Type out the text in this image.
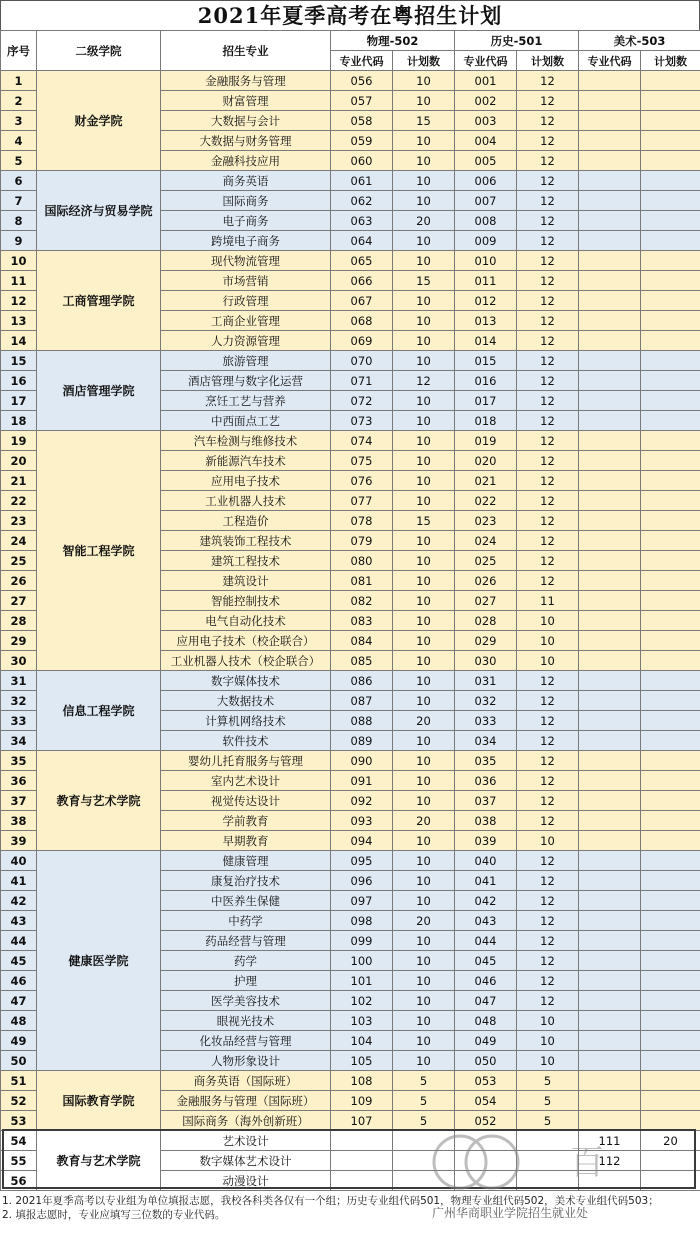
2021年夏季高考在粤招生计划
序号	二级学院	招生专业	物理-502		历史-501		美术-503	
			专业代码	计划数	专业代码	计划数	专业代码	计划数
1	财金学院	金融服务与管理	056	10	001	12		
2		财富管理	057	10	002	12		
3		大数据与会计	058	15	003	12		
4		大数据与财务管理	059	10	004	12		
5		金融科技应用	060	10	005	12		
6	国际经济与贸易学院	商务英语	061	10	006	12		
7		国际商务	062	10	007	12		
8		电子商务	063	20	008	12		
9		跨境电子商务	064	10	009	12		
10	工商管理学院	现代物流管理	065	10	010	12		
11		市场营销	066	15	011	12		
12		行政管理	067	10	012	12		
13		工商企业管理	068	10	013	12		
14		人力资源管理	069	10	014	12		
15	酒店管理学院	旅游管理	070	10	015	12		
16		酒店管理与数字化运营	071	12	016	12		
17		烹饪工艺与营养	072	10	017	12		
18		中西面点工艺	073	10	018	12		
19	智能工程学院	汽车检测与维修技术	074	10	019	12		
20		新能源汽车技术	075	10	020	12		
21		应用电子技术	076	10	021	12		
22		工业机器人技术	077	10	022	12		
23		工程造价	078	15	023	12		
24		建筑装饰工程技术	079	10	024	12		
25		建筑工程技术	080	10	025	12		
26		建筑设计	081	10	026	12		
27		智能控制技术	082	10	027	11		
28		电气自动化技术	083	10	028	10		
29		应用电子技术（校企联合）	084	10	029	10		
30		工业机器人技术（校企联合）	085	10	030	10		
31	信息工程学院	数字媒体技术	086	10	031	12		
32		大数据技术	087	10	032	12		
33		计算机网络技术	088	20	033	12		
34		软件技术	089	10	034	12		
35	教育与艺术学院	婴幼儿托育服务与管理	090	10	035	12		
36		室内艺术设计	091	10	036	12		
37		视觉传达设计	092	10	037	12		
38		学前教育	093	20	038	12		
39		早期教育	094	10	039	10		
40	健康医学院	健康管理	095	10	040	12		
41		康复治疗技术	096	10	041	12		
42		中医养生保健	097	10	042	12		
43		中药学	098	20	043	12		
44		药品经营与管理	099	10	044	12		
45		药学	100	10	045	12		
46		护理	101	10	046	12		
47		医学美容技术	102	10	047	12		
48		眼视光技术	103	10	048	10		
49		化妆品经营与管理	104	10	049	10		
50		人物形象设计	105	10	050	10		
51	国际教育学院	商务英语（国际班）	108	5	053	5		
52		金融服务与管理（国际班）	109	5	054	5		
53		国际商务（海外创新班）	107	5	052	5		
54	教育与艺术学院	艺术设计					111	20
55		数字媒体艺术设计					112	
56		动漫设计						
1. 2021年夏季高考以专业组为单位填报志愿，我校各科类各仅有一个组；历史专业组代码501，物理专业组代码502，美术专业组代码503；
2. 填报志愿时，专业应填写三位数的专业代码。
百
广州华商职业学院招生就业处
